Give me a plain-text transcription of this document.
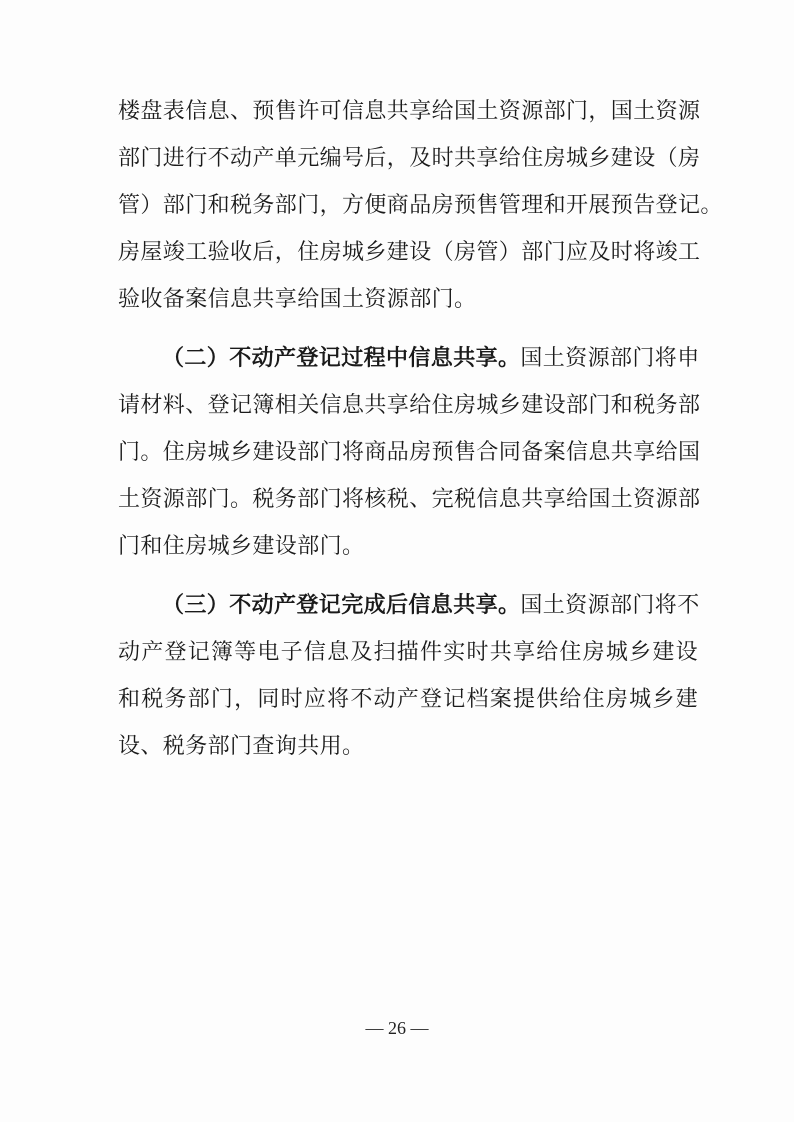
楼盘表信息、预售许可信息共享给国土资源部门，国土资源
部门进行不动产单元编号后，及时共享给住房城乡建设（房
管）部门和税务部门，方便商品房预售管理和开展预告登记。
房屋竣工验收后，住房城乡建设（房管）部门应及时将竣工
验收备案信息共享给国土资源部门。
（二）不动产登记过程中信息共享。国土资源部门将申
请材料、登记簿相关信息共享给住房城乡建设部门和税务部
门。住房城乡建设部门将商品房预售合同备案信息共享给国
土资源部门。税务部门将核税、完税信息共享给国土资源部
门和住房城乡建设部门。
（三）不动产登记完成后信息共享。国土资源部门将不
动产登记簿等电子信息及扫描件实时共享给住房城乡建设
和税务部门，同时应将不动产登记档案提供给住房城乡建
设、税务部门查询共用。
— 26 —
